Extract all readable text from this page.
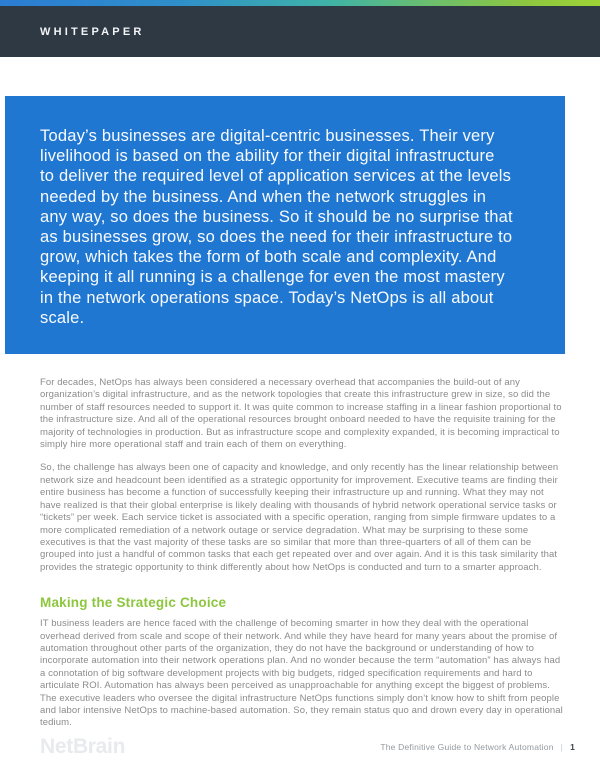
WHITEPAPER

Today’s businesses are digital-centric businesses. Their very livelihood is based on the ability for their digital infrastructure to deliver the required level of application services at the levels needed by the business. And when the network struggles in any way, so does the business. So it should be no surprise that as businesses grow, so does the need for their infrastructure to grow, which takes the form of both scale and complexity. And keeping it all running is a challenge for even the most mastery in the network operations space. Today’s NetOps is all about scale.

For decades, NetOps has always been considered a necessary overhead that accompanies the build-out of any organization’s digital infrastructure, and as the network topologies that create this infrastructure grew in size, so did the number of staff resources needed to support it. It was quite common to increase staffing in a linear fashion proportional to the infrastructure size. And all of the operational resources brought onboard needed to have the requisite training for the majority of technologies in production. But as infrastructure scope and complexity expanded, it is becoming impractical to simply hire more operational staff and train each of them on everything.

So, the challenge has always been one of capacity and knowledge, and only recently has the linear relationship between network size and headcount been identified as a strategic opportunity for improvement. Executive teams are finding their entire business has become a function of successfully keeping their infrastructure up and running. What they may not have realized is that their global enterprise is likely dealing with thousands of hybrid network operational service tasks or “tickets” per week. Each service ticket is associated with a specific operation, ranging from simple firmware updates to a more complicated remediation of a network outage or service degradation. What may be surprising to these some executives is that the vast majority of these tasks are so similar that more than three-quarters of all of them can be grouped into just a handful of common tasks that each get repeated over and over again. And it is this task similarity that provides the strategic opportunity to think differently about how NetOps is conducted and turn to a smarter approach.

Making the Strategic Choice

IT business leaders are hence faced with the challenge of becoming smarter in how they deal with the operational overhead derived from scale and scope of their network. And while they have heard for many years about the promise of automation throughout other parts of the organization, they do not have the background or understanding of how to incorporate automation into their network operations plan. And no wonder because the term “automation” has always had a connotation of big software development projects with big budgets, ridged specification requirements and hard to articulate ROI. Automation has always been perceived as unapproachable for anything except the biggest of problems. The executive leaders who oversee the digital infrastructure NetOps functions simply don’t know how to shift from people and labor intensive NetOps to machine-based automation. So, they remain status quo and drown every day in operational tedium.

NetBrain	The Definitive Guide to Network Automation | 1
